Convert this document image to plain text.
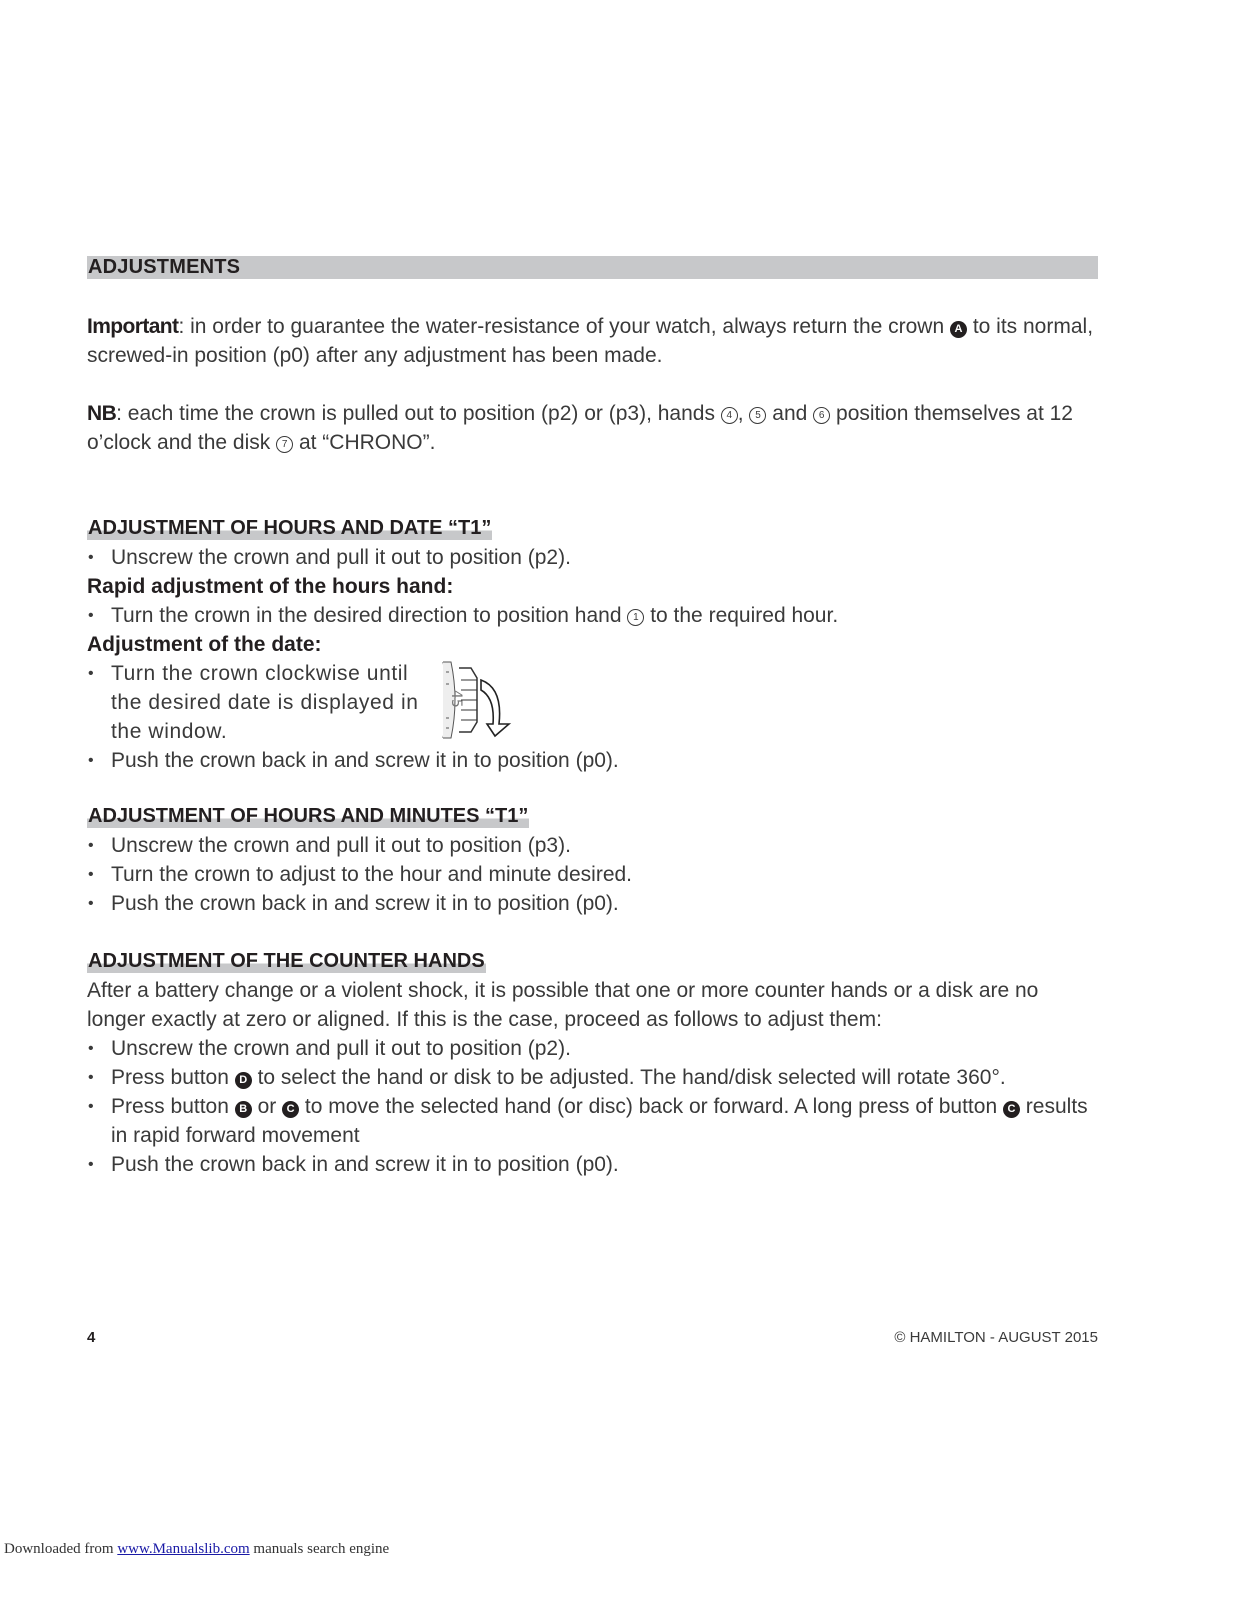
ADJUSTMENTS

Important: in order to guarantee the water-resistance of your watch, always return the crown A to its normal, screwed-in position (p0) after any adjustment has been made.

NB: each time the crown is pulled out to position (p2) or (p3), hands 4 , 5 and 6 position themselves at 12 o’clock and the disk 7 at “CHRONO”.

ADJUSTMENT OF HOURS AND DATE “T1”
• Unscrew the crown and pull it out to position (p2).
Rapid adjustment of the hours hand:
• Turn the crown in the desired direction to position hand 1 to the required hour.
Adjustment of the date:
• Turn the crown clockwise until
the desired date is displayed in
the window.
• Push the crown back in and screw it in to position (p0).
45
ADJUSTMENT OF HOURS AND MINUTES “T1”
• Unscrew the crown and pull it out to position (p3).
• Turn the crown to adjust to the hour and minute desired.
• Push the crown back in and screw it in to position (p0).
ADJUSTMENT OF THE COUNTER HANDS

After a battery change or a violent shock, it is possible that one or more counter hands or a disk are no longer exactly at zero or aligned. If this is the case, proceed as follows to adjust them:

• Unscrew the crown and pull it out to position (p2).
• Press button D to select the hand or disk to be adjusted. The hand/disk selected will rotate 360°.
• Press button B or C to move the selected hand (or disc) back or forward. A long press of button C results in rapid forward movement
• Push the crown back in and screw it in to position (p0).
4	© HAMILTON - AUGUST 2015
Downloaded from www.Manualslib.com manuals search engine
